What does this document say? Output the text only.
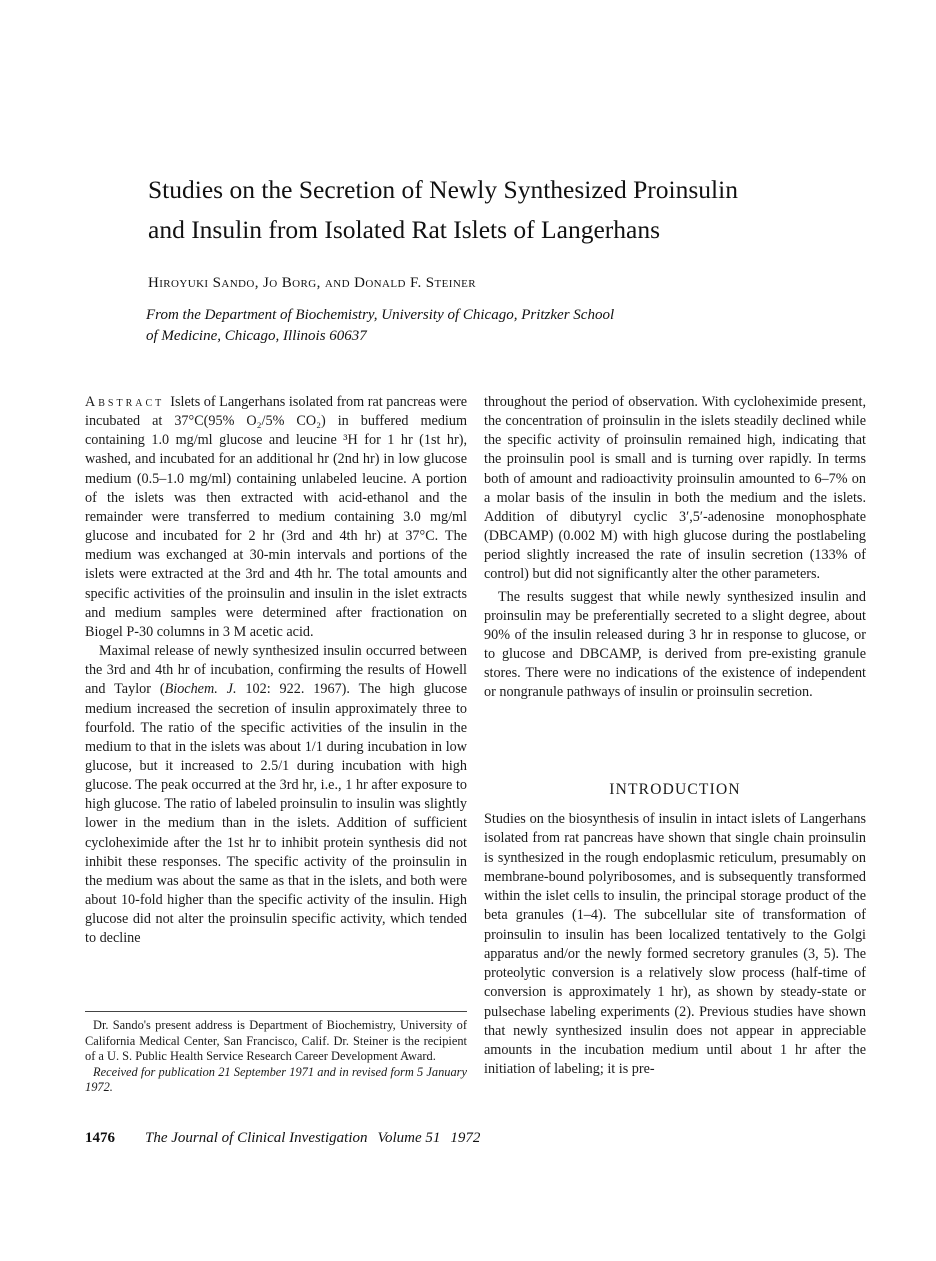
Studies on the Secretion of Newly Synthesized Proinsulin
and Insulin from Isolated Rat Islets of Langerhans
Hiroyuki Sando, Jo Borg, and Donald F. Steiner
From the Department of Biochemistry, University of Chicago, Pritzker School
of Medicine, Chicago, Illinois 60637

Abstract Islets of Langerhans isolated from rat pancreas were incubated at 37°C(95% O₂/5% CO₂) in buffered medium containing 1.0 mg/ml glucose and leucine ³H for 1 hr (1st hr), washed, and incubated for an additional hr (2nd hr) in low glucose medium (0.5–1.0 mg/ml) containing unlabeled leucine. A portion of the islets was then extracted with acid-ethanol and the remainder were transferred to medium containing 3.0 mg/ml glucose and incubated for 2 hr (3rd and 4th hr) at 37°C. The medium was exchanged at 30-min intervals and portions of the islets were extracted at the 3rd and 4th hr. The total amounts and specific activities of the proinsulin and insulin in the islet extracts and medium samples were determined after fractionation on Biogel P-30 columns in 3 M acetic acid.

Maximal release of newly synthesized insulin occurred between the 3rd and 4th hr of incubation, confirming the results of Howell and Taylor (Biochem. J. 102: 922. 1967). The high glucose medium increased the secretion of insulin approximately three to fourfold. The ratio of the specific activities of the insulin in the medium to that in the islets was about 1/1 during incubation in low glucose, but it increased to 2.5/1 during incubation with high glucose. The peak occurred at the 3rd hr, i.e., 1 hr after exposure to high glucose. The ratio of labeled proinsulin to insulin was slightly lower in the medium than in the islets. Addition of sufficient cycloheximide after the 1st hr to inhibit protein synthesis did not inhibit these responses. The specific activity of the proinsulin in the medium was about the same as that in the islets, and both were about 10-fold higher than the specific activity of the insulin. High glucose did not alter the proinsulin specific activity, which tended to decline

throughout the period of observation. With cycloheximide present, the concentration of proinsulin in the islets steadily declined while the specific activity of proinsulin remained high, indicating that the proinsulin pool is small and is turning over rapidly. In terms both of amount and radioactivity proinsulin amounted to 6–7% on a molar basis of the insulin in both the medium and the islets. Addition of dibutyryl cyclic 3′,5′-adenosine monophosphate (DBCAMP) (0.002 M) with high glucose during the postlabeling period slightly increased the rate of insulin secretion (133% of control) but did not significantly alter the other parameters.

The results suggest that while newly synthesized insulin and proinsulin may be preferentially secreted to a slight degree, about 90% of the insulin released during 3 hr in response to glucose, or to glucose and DBCAMP, is derived from pre-existing granule stores. There were no indications of the existence of independent or nongranule pathways of insulin or proinsulin secretion.

INTRODUCTION

Studies on the biosynthesis of insulin in intact islets of Langerhans isolated from rat pancreas have shown that single chain proinsulin is synthesized in the rough endoplasmic reticulum, presumably on membrane-bound polyribosomes, and is subsequently transformed within the islet cells to insulin, the principal storage product of the beta granules (1–4). The subcellular site of transformation of proinsulin to insulin has been localized tentatively to the Golgi apparatus and/or the newly formed secretory granules (3, 5). The proteolytic conversion is a relatively slow process (half-time of conversion is approximately 1 hr), as shown by steady-state or pulsechase labeling experiments (2). Previous studies have shown that newly synthesized insulin does not appear in appreciable amounts in the incubation medium until about 1 hr after the initiation of labeling; it is pre-

Dr. Sando's present address is Department of Biochemistry, University of California Medical Center, San Francisco, Calif. Dr. Steiner is the recipient of a U. S. Public Health Service Research Career Development Award.

Received for publication 21 September 1971 and in revised form 5 January 1972.

1476 The Journal of Clinical Investigation Volume 51 1972
